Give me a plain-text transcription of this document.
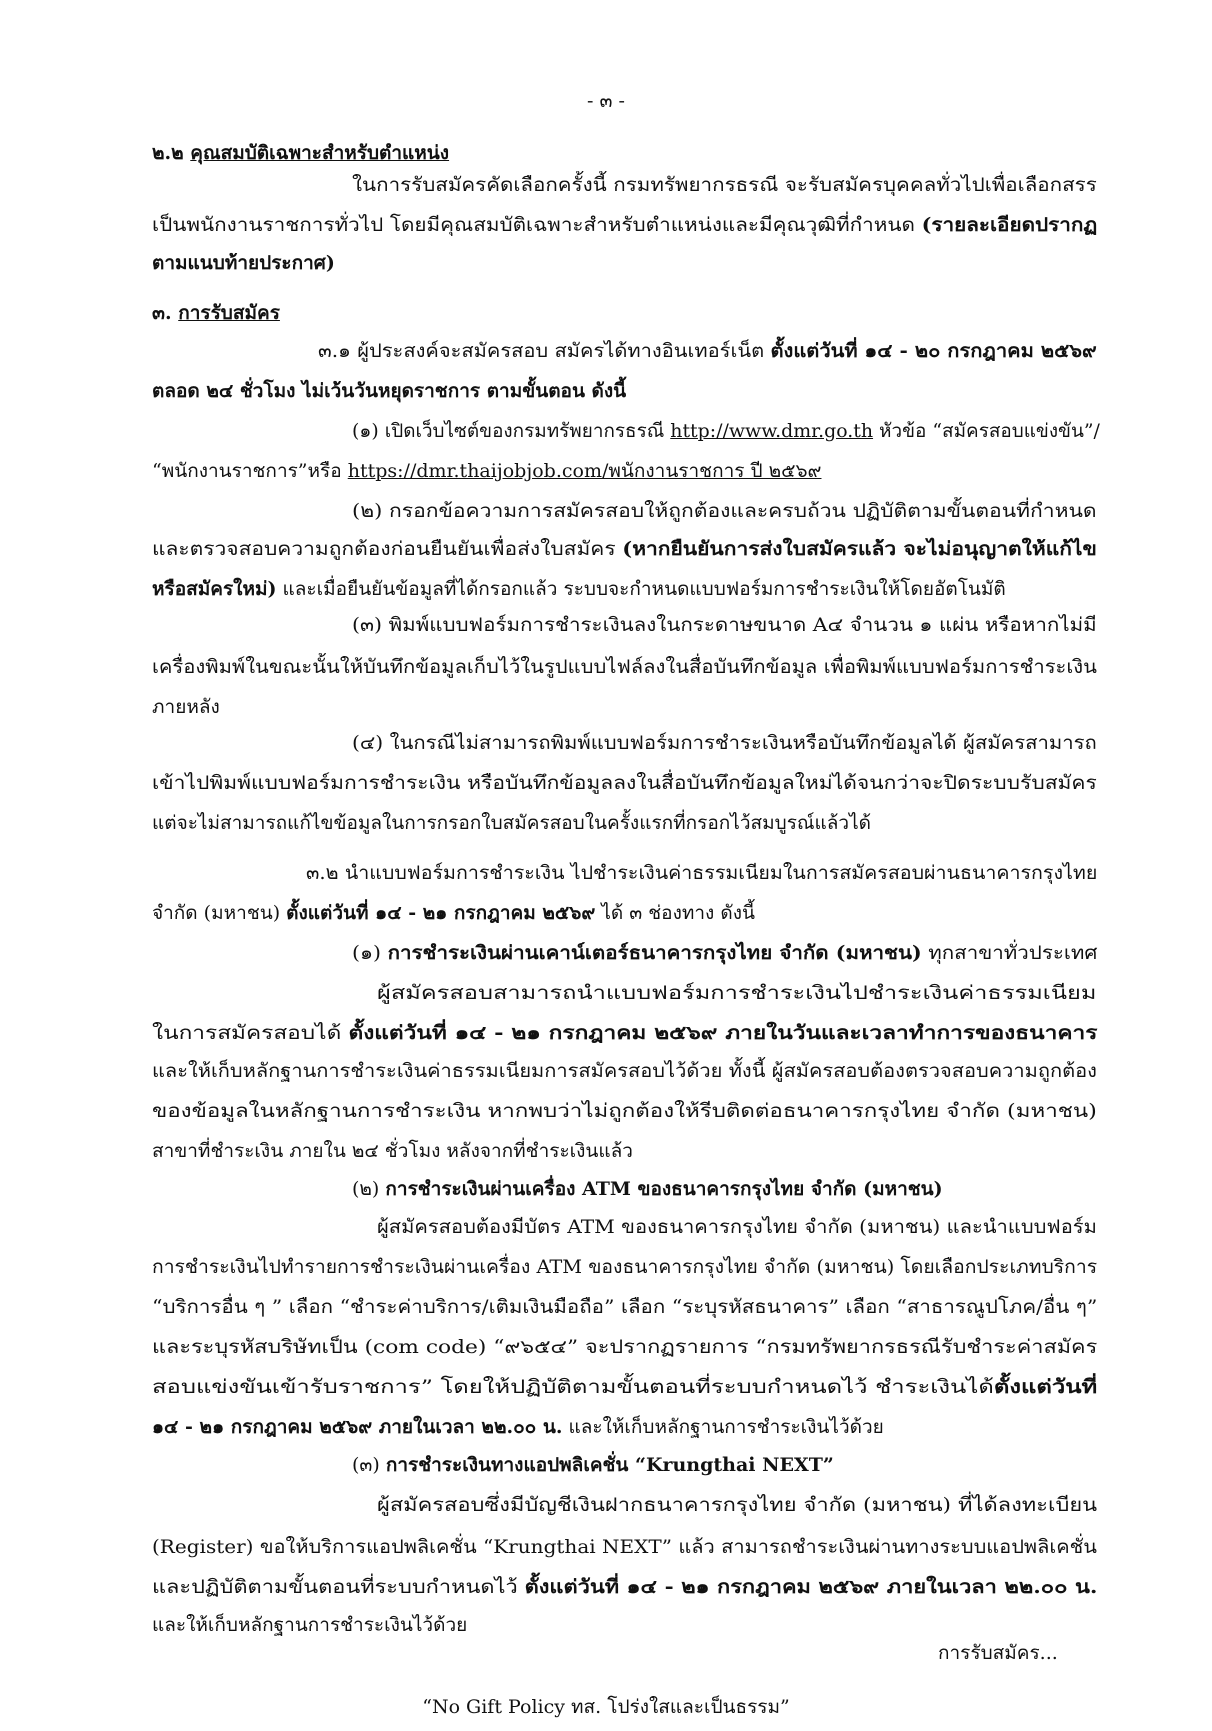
- ๓ -
๒.๒ คุณสมบัติเฉพาะสำหรับตำแหน่ง
ในการรับสมัครคัดเลือกครั้งนี้ กรมทรัพยากรธรณี จะรับสมัครบุคคลทั่วไปเพื่อเลือกสรร
เป็นพนักงานราชการทั่วไป โดยมีคุณสมบัติเฉพาะสำหรับตำแหน่งและมีคุณวุฒิที่กำหนด (รายละเอียดปรากฏ
ตามแนบท้ายประกาศ)
๓. การรับสมัคร
๓.๑ ผู้ประสงค์จะสมัครสอบ สมัครได้ทางอินเทอร์เน็ต ตั้งแต่วันที่ ๑๔ - ๒๐ กรกฎาคม ๒๕๖๙
ตลอด ๒๔ ชั่วโมง ไม่เว้นวันหยุดราชการ ตามขั้นตอน ดังนี้
(๑) เปิดเว็บไซต์ของกรมทรัพยากรธรณี http://www.dmr.go.th หัวข้อ “สมัครสอบแข่งขัน”/
“พนักงานราชการ”หรือ https://dmr.thaijobjob.com/พนักงานราชการ ปี ๒๕๖๙
(๒) กรอกข้อความการสมัครสอบให้ถูกต้องและครบถ้วน ปฏิบัติตามขั้นตอนที่กำหนด
และตรวจสอบความถูกต้องก่อนยืนยันเพื่อส่งใบสมัคร (หากยืนยันการส่งใบสมัครแล้ว จะไม่อนุญาตให้แก้ไข
หรือสมัครใหม่) และเมื่อยืนยันข้อมูลที่ได้กรอกแล้ว ระบบจะกำหนดแบบฟอร์มการชำระเงินให้โดยอัตโนมัติ
(๓) พิมพ์แบบฟอร์มการชำระเงินลงในกระดาษขนาด A๔ จำนวน ๑ แผ่น หรือหากไม่มี
เครื่องพิมพ์ในขณะนั้นให้บันทึกข้อมูลเก็บไว้ในรูปแบบไฟล์ลงในสื่อบันทึกข้อมูล เพื่อพิมพ์แบบฟอร์มการชำระเงิน
ภายหลัง
(๔) ในกรณีไม่สามารถพิมพ์แบบฟอร์มการชำระเงินหรือบันทึกข้อมูลได้ ผู้สมัครสามารถ
เข้าไปพิมพ์แบบฟอร์มการชำระเงิน หรือบันทึกข้อมูลลงในสื่อบันทึกข้อมูลใหม่ได้จนกว่าจะปิดระบบรับสมัคร
แต่จะไม่สามารถแก้ไขข้อมูลในการกรอกใบสมัครสอบในครั้งแรกที่กรอกไว้สมบูรณ์แล้วได้
๓.๒ นำแบบฟอร์มการชำระเงิน ไปชำระเงินค่าธรรมเนียมในการสมัครสอบผ่านธนาคารกรุงไทย
จำกัด (มหาชน) ตั้งแต่วันที่ ๑๔ - ๒๑ กรกฎาคม ๒๕๖๙ ได้ ๓ ช่องทาง ดังนี้
(๑) การชำระเงินผ่านเคาน์เตอร์ธนาคารกรุงไทย จำกัด (มหาชน) ทุกสาขาทั่วประเทศ
ผู้สมัครสอบสามารถนำแบบฟอร์มการชำระเงินไปชำระเงินค่าธรรมเนียม
ในการสมัครสอบได้ ตั้งแต่วันที่ ๑๔ - ๒๑ กรกฎาคม ๒๕๖๙ ภายในวันและเวลาทำการของธนาคาร
และให้เก็บหลักฐานการชำระเงินค่าธรรมเนียมการสมัครสอบไว้ด้วย ทั้งนี้ ผู้สมัครสอบต้องตรวจสอบความถูกต้อง
ของข้อมูลในหลักฐานการชำระเงิน หากพบว่าไม่ถูกต้องให้รีบติดต่อธนาคารกรุงไทย จำกัด (มหาชน)
สาขาที่ชำระเงิน ภายใน ๒๔ ชั่วโมง หลังจากที่ชำระเงินแล้ว
(๒) การชำระเงินผ่านเครื่อง ATM ของธนาคารกรุงไทย จำกัด (มหาชน)
ผู้สมัครสอบต้องมีบัตร ATM ของธนาคารกรุงไทย จำกัด (มหาชน) และนำแบบฟอร์ม
การชำระเงินไปทำรายการชำระเงินผ่านเครื่อง ATM ของธนาคารกรุงไทย จำกัด (มหาชน) โดยเลือกประเภทบริการ
“บริการอื่น ๆ ” เลือก “ชำระค่าบริการ/เติมเงินมือถือ” เลือก “ระบุรหัสธนาคาร” เลือก “สาธารณูปโภค/อื่น ๆ”
และระบุรหัสบริษัทเป็น (com code) “๙๖๕๔” จะปรากฏรายการ “กรมทรัพยากรธรณีรับชำระค่าสมัคร
สอบแข่งขันเข้ารับราชการ” โดยให้ปฏิบัติตามขั้นตอนที่ระบบกำหนดไว้ ชำระเงินได้ตั้งแต่วันที่
๑๔ - ๒๑ กรกฎาคม ๒๕๖๙ ภายในเวลา ๒๒.๐๐ น. และให้เก็บหลักฐานการชำระเงินไว้ด้วย
(๓) การชำระเงินทางแอปพลิเคชั่น “Krungthai NEXT”
ผู้สมัครสอบซึ่งมีบัญชีเงินฝากธนาคารกรุงไทย จำกัด (มหาชน) ที่ได้ลงทะเบียน
(Register) ขอให้บริการแอปพลิเคชั่น “Krungthai NEXT” แล้ว สามารถชำระเงินผ่านทางระบบแอปพลิเคชั่น
และปฏิบัติตามขั้นตอนที่ระบบกำหนดไว้ ตั้งแต่วันที่ ๑๔ - ๒๑ กรกฎาคม ๒๕๖๙ ภายในเวลา ๒๒.๐๐ น.
และให้เก็บหลักฐานการชำระเงินไว้ด้วย
การรับสมัคร...
“No Gift Policy ทส. โปร่งใสและเป็นธรรม”
